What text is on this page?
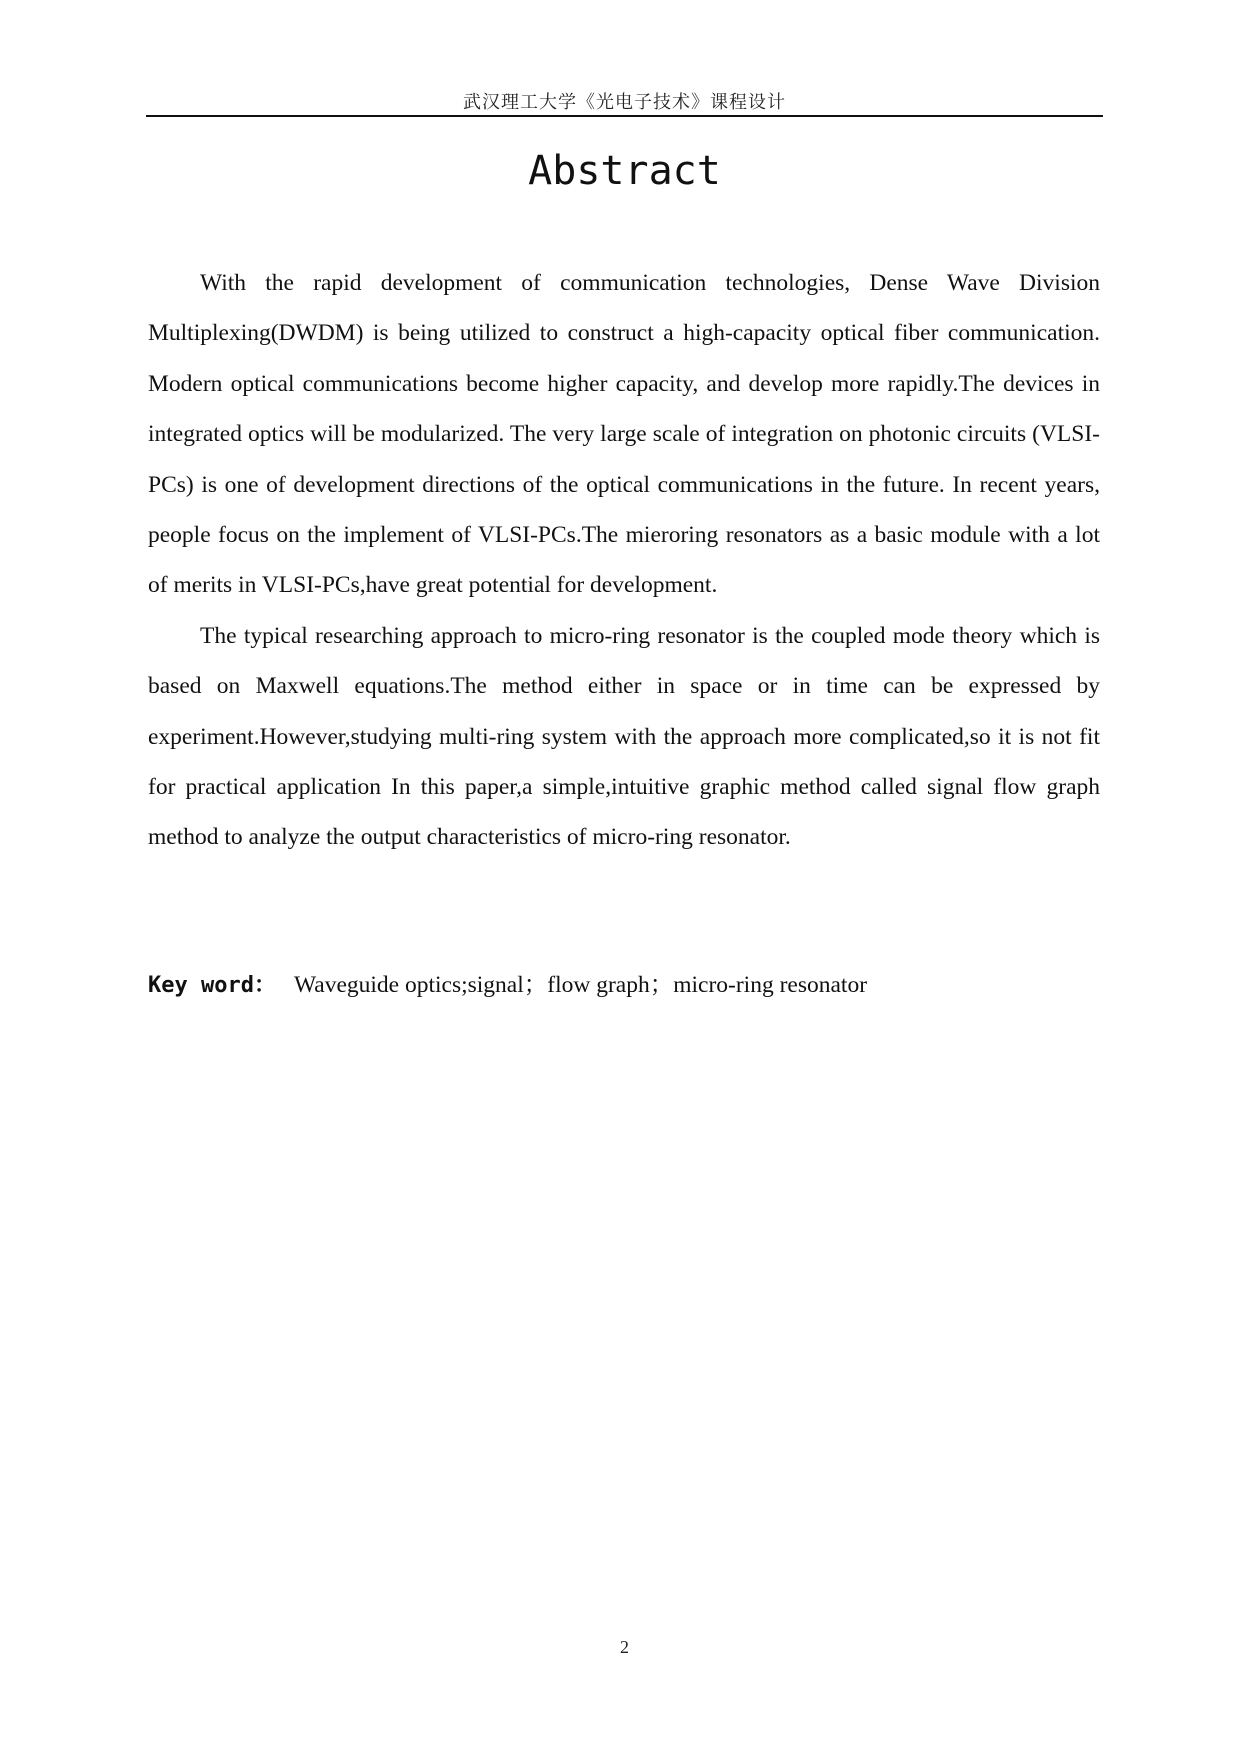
武汉理工大学《光电子技术》课程设计
Abstract

With the rapid development of communication technologies, Dense Wave Division Multiplexing(DWDM) is being utilized to construct a high-capacity optical fiber communication. Modern optical communications become higher capacity, and develop more rapidly.The devices in integrated optics will be modularized. The very large scale of integration on photonic circuits (VLSI-PCs) is one of development directions of the optical communications in the future. In recent years, people focus on the implement of VLSI-PCs.The mieroring resonators as a basic module with a lot of merits in VLSI-PCs,have great potential for development.

The typical researching approach to micro-ring resonator is the coupled mode theory which is based on Maxwell equations.The method either in space or in time can be expressed by experiment.However,studying multi-ring system with the approach more complicated,so it is not fit for practical application In this paper,a simple,intuitive graphic method called signal flow graph method to analyze the output characteristics of micro-ring resonator.

Key word： Waveguide optics;signal；flow graph；micro-ring resonator
2
